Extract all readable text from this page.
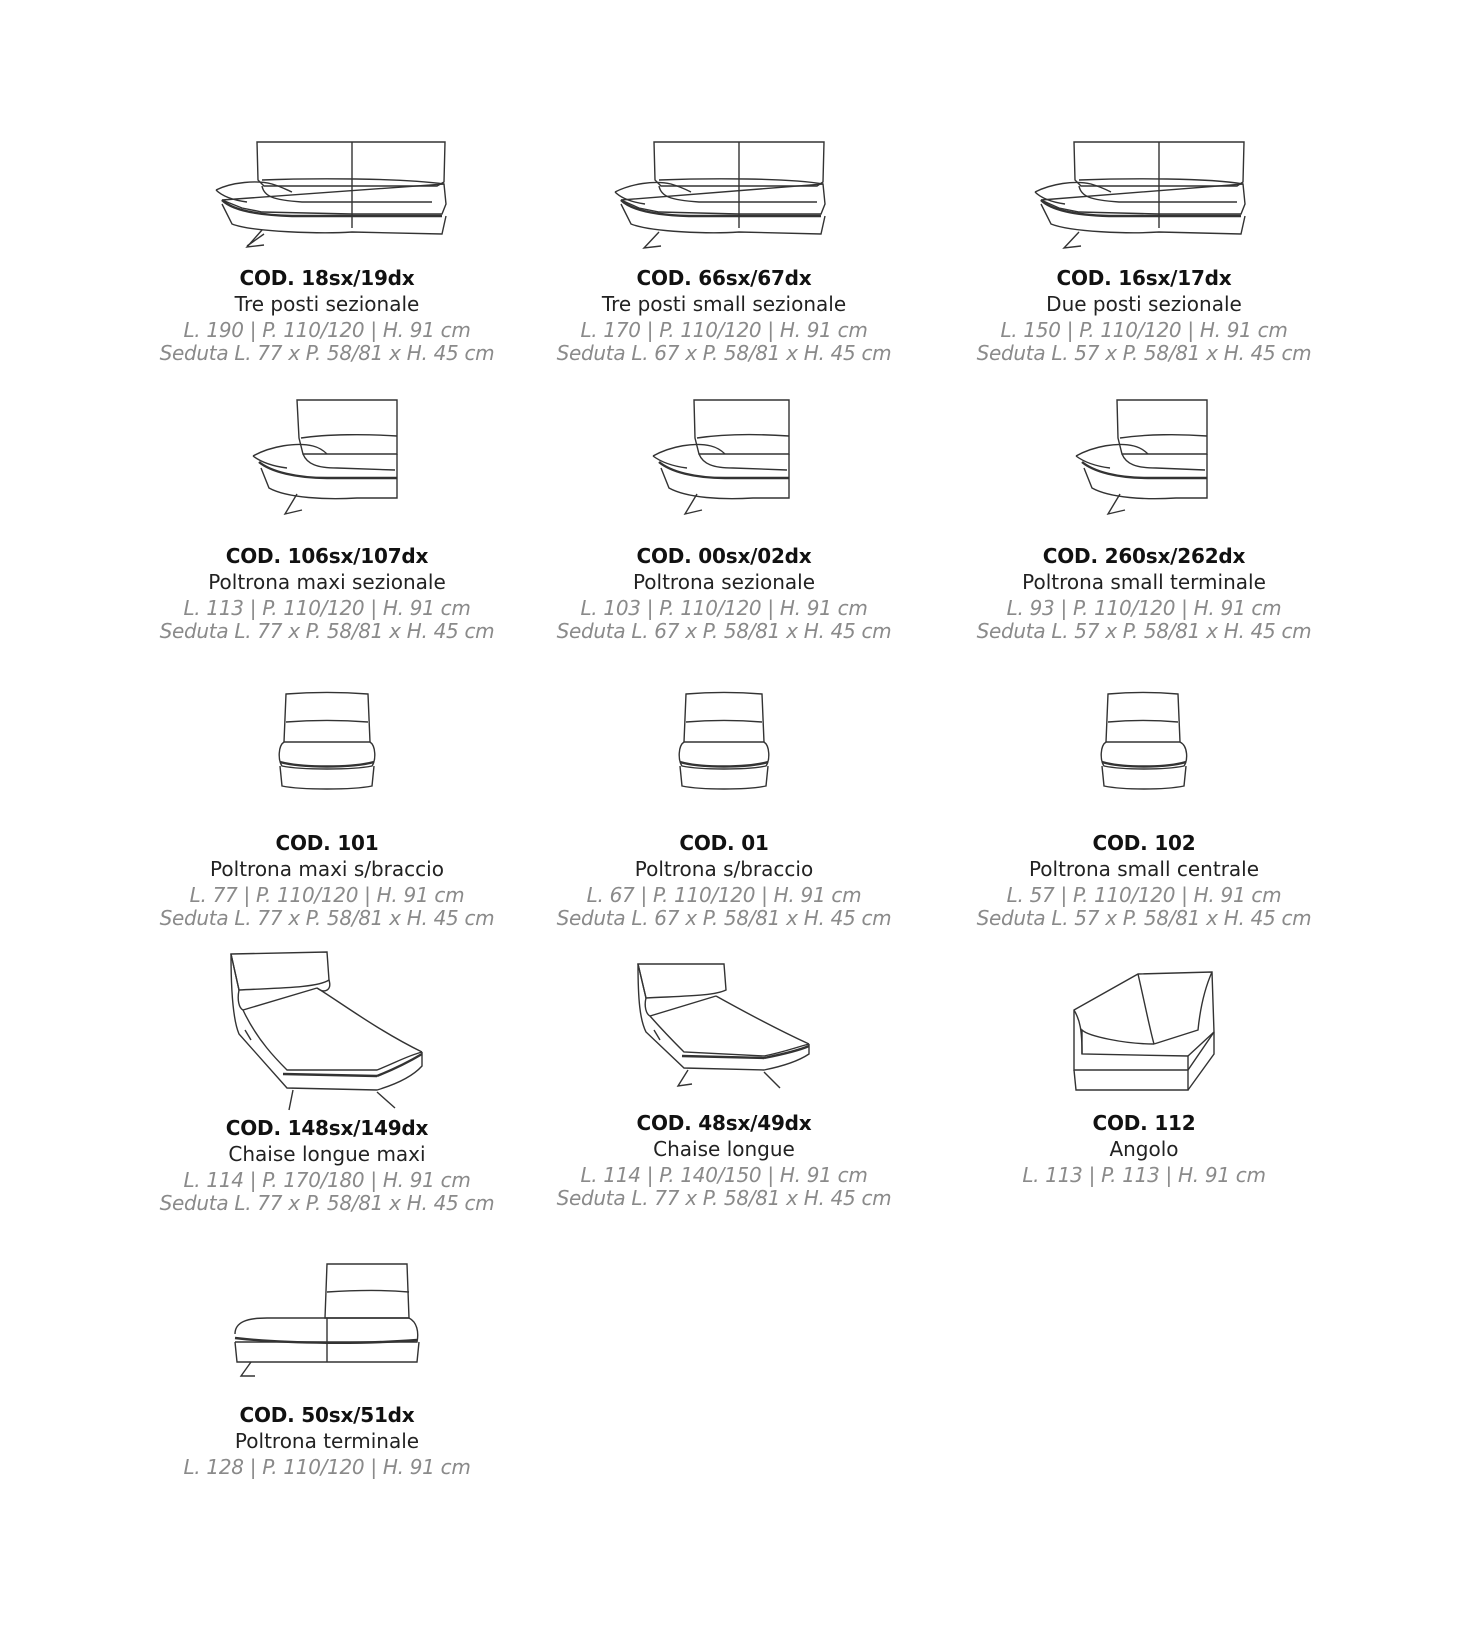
COD. 18sx/19dx
Tre posti sezionale
L. 190 | P. 110/120 | H. 91 cm
Seduta L. 77 x P. 58/81 x H. 45 cm
COD. 66sx/67dx
Tre posti small sezionale
L. 170 | P. 110/120 | H. 91 cm
Seduta L. 67 x P. 58/81 x H. 45 cm
COD. 16sx/17dx
Due posti sezionale
L. 150 | P. 110/120 | H. 91 cm
Seduta L. 57 x P. 58/81 x H. 45 cm
COD. 106sx/107dx
Poltrona maxi sezionale
L. 113 | P. 110/120 | H. 91 cm
Seduta L. 77 x P. 58/81 x H. 45 cm
COD. 00sx/02dx
Poltrona sezionale
L. 103 | P. 110/120 | H. 91 cm
Seduta L. 67 x P. 58/81 x H. 45 cm
COD. 260sx/262dx
Poltrona small terminale
L. 93 | P. 110/120 | H. 91 cm
Seduta L. 57 x P. 58/81 x H. 45 cm
COD. 101
Poltrona maxi s/braccio
L. 77 | P. 110/120 | H. 91 cm
Seduta L. 77 x P. 58/81 x H. 45 cm
COD. 01
Poltrona s/braccio
L. 67 | P. 110/120 | H. 91 cm
Seduta L. 67 x P. 58/81 x H. 45 cm
COD. 102
Poltrona small centrale
L. 57 | P. 110/120 | H. 91 cm
Seduta L. 57 x P. 58/81 x H. 45 cm
COD. 148sx/149dx
Chaise longue maxi
L. 114 | P. 170/180 | H. 91 cm
Seduta L. 77 x P. 58/81 x H. 45 cm
COD. 48sx/49dx
Chaise longue
L. 114 | P. 140/150 | H. 91 cm
Seduta L. 77 x P. 58/81 x H. 45 cm
COD. 112
Angolo
L. 113 | P. 113 | H. 91 cm
COD. 50sx/51dx
Poltrona terminale
L. 128 | P. 110/120 | H. 91 cm
